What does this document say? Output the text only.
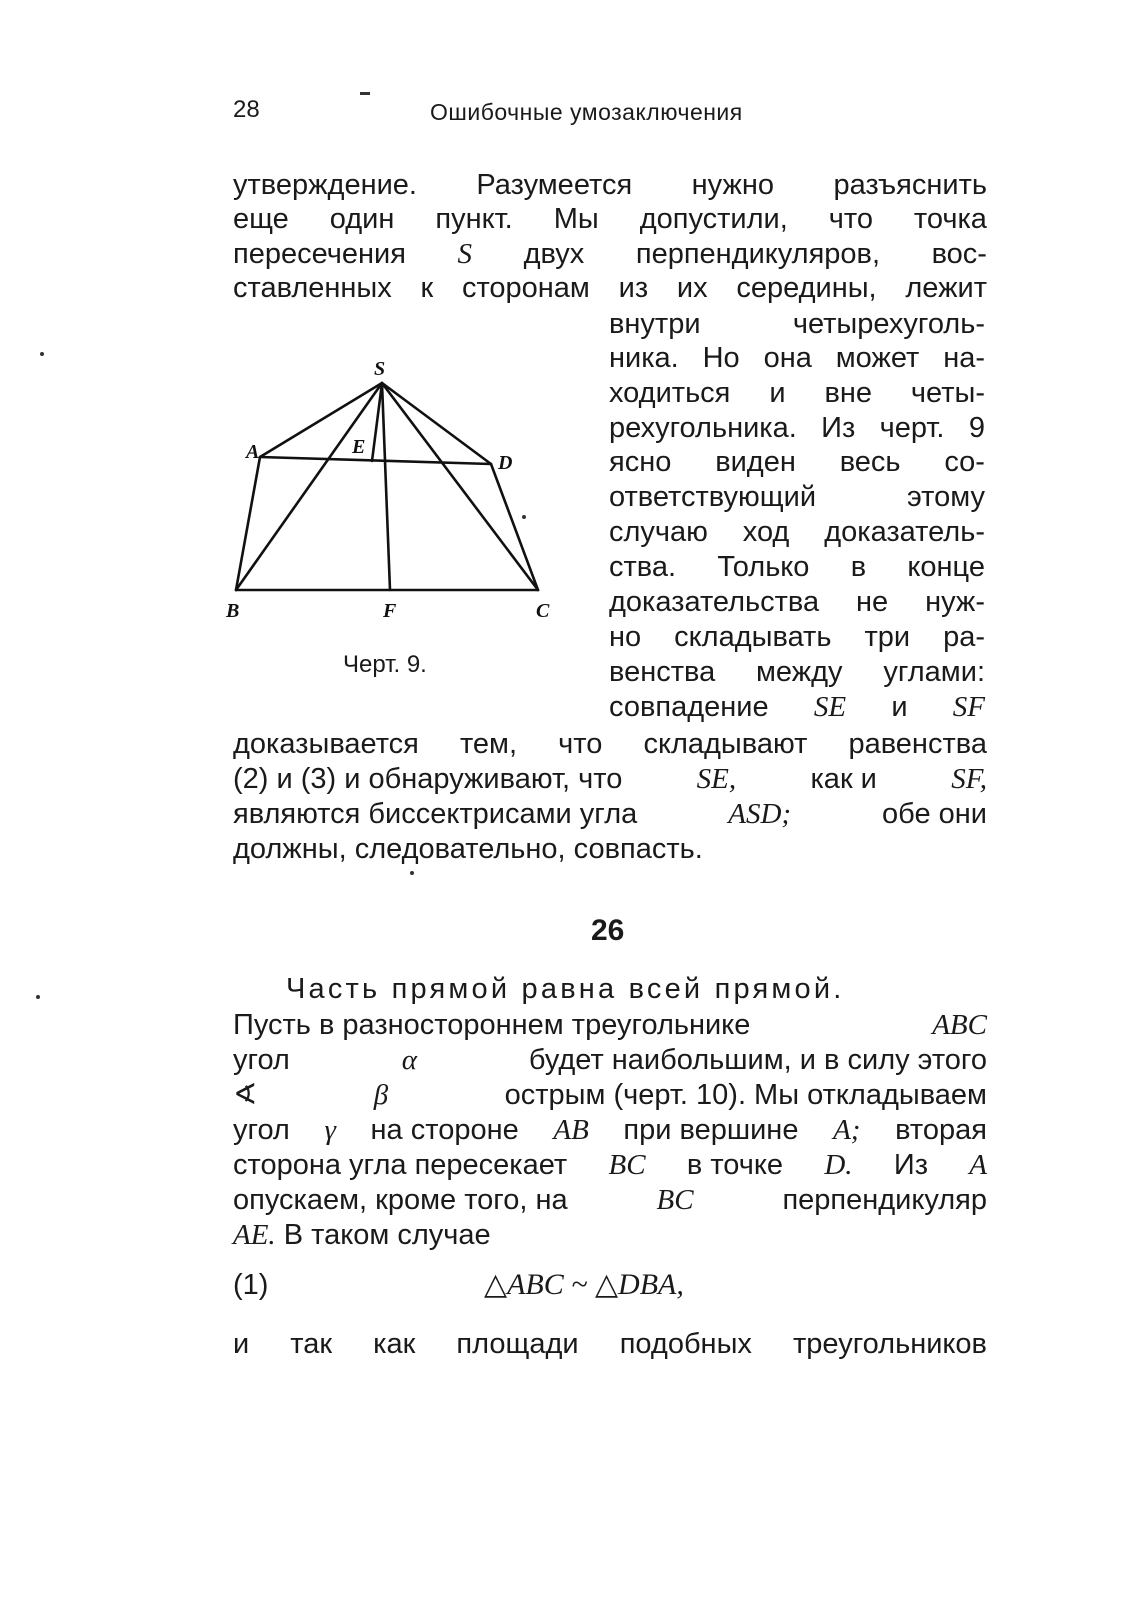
28	Ошибочные умозаключения
утверждение. Разумеется нужно разъяснить
еще один пункт. Мы допустили, что точка
пересечения S двух перпендикуляров, вос-
ставленных к сторонам из их середины, лежит
внутри	четырехуголь-
ника. Но она может на-
ходиться и вне четы-
рехугольника. Из черт. 9
ясно виден весь со-
ответствующий	этому
случаю ход доказатель-
ства. Только в конце
доказательства не нуж-
но складывать три ра-
венства между углами:
совпадение SE и SF
S
A	D
E
B	F	C
Черт. 9.
доказывается тем, что складывают равенства
(2) и (3) и обнаруживают, что	SE,	как и	SF,
являются биссектрисами угла	ASD;	обе они
должны, следовательно, совпасть.
26
Часть прямой равна всей прямой.
Пусть в разностороннем треугольнике	ABC
угол	α	будет наибольшим, и в силу этого
∢	β	острым (черт. 10). Мы откладываем
угол γ на стороне AB при вершине A; вторая
сторона угла пересекает BC в точке D. Из A
опускаем, кроме того, на	BC	перпендикуляр
AE. В таком случае
(1)	△ABC ~ △DBA,
и так как площади подобных треугольников
